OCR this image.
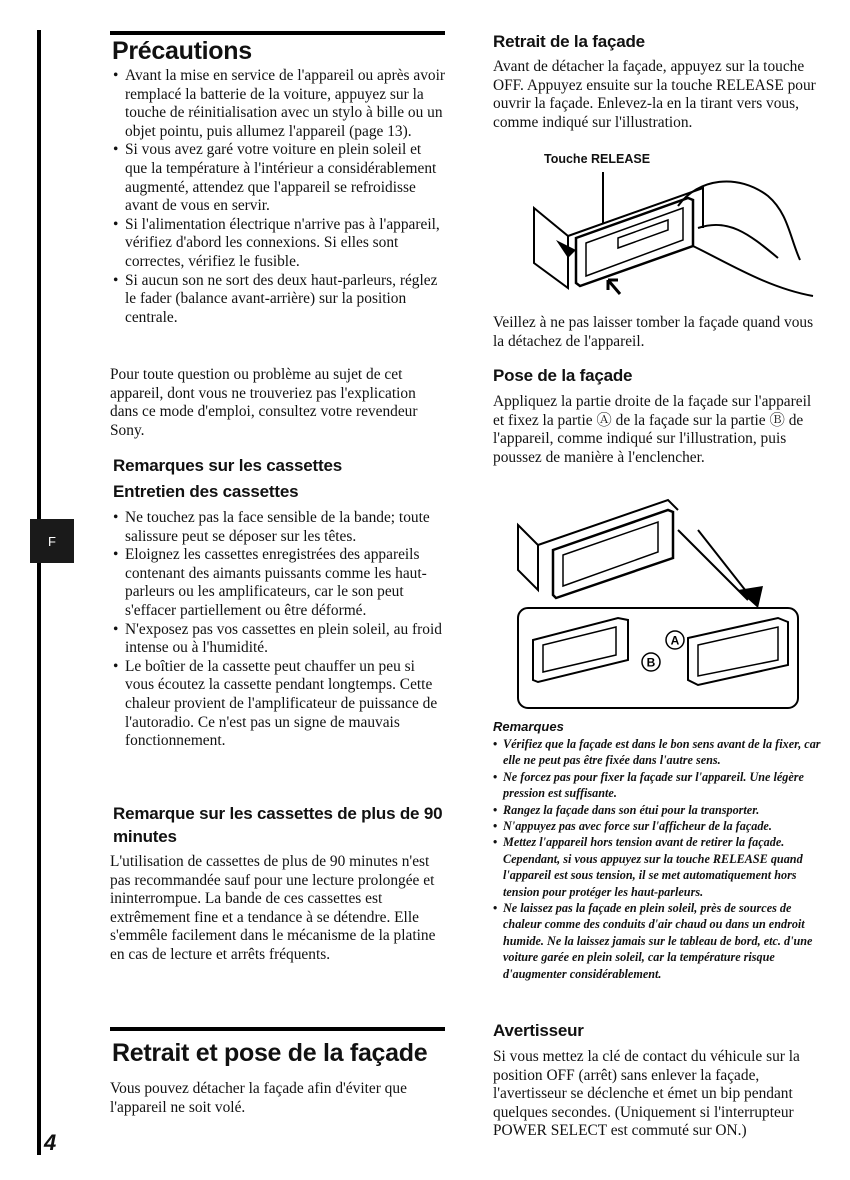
F
4
Précautions
• Avant la mise en service de l'appareil ou après avoir remplacé la batterie de la voiture, appuyez sur la touche de réinitialisation avec un stylo à bille ou un objet pointu, puis allumez l'appareil (page 13).
• Si vous avez garé votre voiture en plein soleil et que la température à l'intérieur a considérablement augmenté, attendez que l'appareil se refroidisse avant de vous en servir.
• Si l'alimentation électrique n'arrive pas à l'appareil, vérifiez d'abord les connexions. Si elles sont correctes, vérifiez le fusible.
• Si aucun son ne sort des deux haut-parleurs, réglez le fader (balance avant-arrière) sur la position centrale.

Pour toute question ou problème au sujet de cet appareil, dont vous ne trouveriez pas l'explication dans ce mode d'emploi, consultez votre revendeur Sony.

Remarques sur les cassettes
Entretien des cassettes
• Ne touchez pas la face sensible de la bande; toute salissure peut se déposer sur les têtes.
• Eloignez les cassettes enregistrées des appareils contenant des aimants puissants comme les haut-parleurs ou les amplificateurs, car le son peut s'effacer partiellement ou être déformé.
• N'exposez pas vos cassettes en plein soleil, au froid intense ou à l'humidité.
• Le boîtier de la cassette peut chauffer un peu si vous écoutez la cassette pendant longtemps. Cette chaleur provient de l'amplificateur de puissance de l'autoradio. Ce n'est pas un signe de mauvais fonctionnement.
Remarque sur les cassettes de plus de 90 minutes

L'utilisation de cassettes de plus de 90 minutes n'est pas recommandée sauf pour une lecture prolongée et ininterrompue. La bande de ces cassettes est extrêmement fine et a tendance à se détendre. Elle s'emmêle facilement dans le mécanisme de la platine en cas de lecture et arrêts fréquents.

Retrait et pose de la façade

Vous pouvez détacher la façade afin d'éviter que l'appareil ne soit volé.

Retrait de la façade

Avant de détacher la façade, appuyez sur la touche OFF. Appuyez ensuite sur la touche RELEASE pour ouvrir la façade. Enlevez-la en la tirant vers vous, comme indiqué sur l'illustration.

Touche RELEASE

Veillez à ne pas laisser tomber la façade quand vous la détachez de l'appareil.

Pose de la façade

Appliquez la partie droite de la façade sur l'appareil et fixez la partie Ⓐ de la façade sur la partie Ⓑ de l'appareil, comme indiqué sur l'illustration, puis poussez de manière à l'enclencher.

B
A
Remarques
• Vérifiez que la façade est dans le bon sens avant de la fixer, car elle ne peut pas être fixée dans l'autre sens.
• Ne forcez pas pour fixer la façade sur l'appareil. Une légère pression est suffisante.
• Rangez la façade dans son étui pour la transporter.
• N'appuyez pas avec force sur l'afficheur de la façade.
• Mettez l'appareil hors tension avant de retirer la façade. Cependant, si vous appuyez sur la touche RELEASE quand l'appareil est sous tension, il se met automatiquement hors tension pour protéger les haut-parleurs.
• Ne laissez pas la façade en plein soleil, près de sources de chaleur comme des conduits d'air chaud ou dans un endroit humide. Ne la laissez jamais sur le tableau de bord, etc. d'une voiture garée en plein soleil, car la température risque d'augmenter considérablement.
Avertisseur

Si vous mettez la clé de contact du véhicule sur la position OFF (arrêt) sans enlever la façade, l'avertisseur se déclenche et émet un bip pendant quelques secondes. (Uniquement si l'interrupteur POWER SELECT est commuté sur ON.)
